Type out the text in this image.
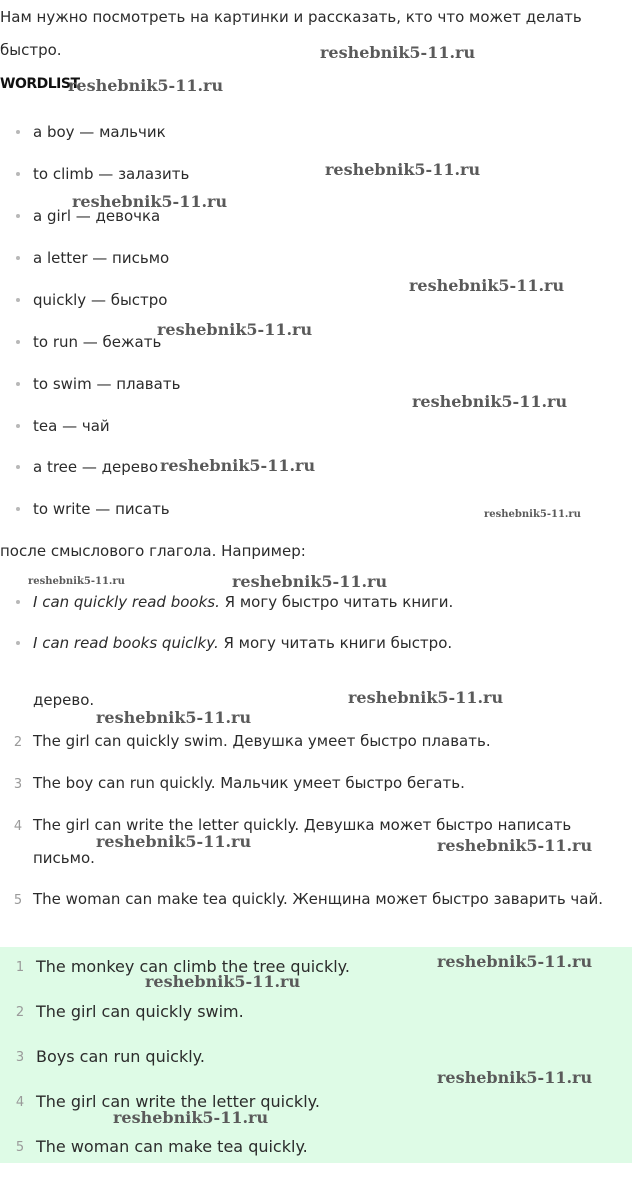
Нам нужно посмотреть на картинки и рассказать, кто что может делать
быстро.
WORDLIST
a boy — мальчик
to climb — залазить
a girl — девочка
a letter — письмо
quickly — быстро
to run — бежать
to swim — плавать
tea — чай
a tree — дерево
to write — писать
после смыслового глагола. Например:
I can quickly read books. Я могу быстро читать книги.
I can read books quiclky. Я могу читать книги быстро.
дерево.
2 The girl can quickly swim. Девушка умеет быстро плавать.
3 The boy can run quickly. Мальчик умеет быстро бегать.
4 The girl can write the letter quickly. Девушка может быстро написать
письмо.
5 The woman can make tea quickly. Женщина может быстро заварить чай.
1 The monkey can climb the tree quickly.
2 The girl can quickly swim.
3 Boys can run quickly.
4 The girl can write the letter quickly.
5 The woman can make tea quickly.
reshebnik5-11.ru
reshebnik5-11.ru
reshebnik5-11.ru
reshebnik5-11.ru
reshebnik5-11.ru
reshebnik5-11.ru
reshebnik5-11.ru
reshebnik5-11.ru
reshebnik5-11.ru
reshebnik5-11.ru	reshebnik5-11.ru
reshebnik5-11.ru
reshebnik5-11.ru
reshebnik5-11.ru	reshebnik5-11.ru
reshebnik5-11.ru
reshebnik5-11.ru
reshebnik5-11.ru
reshebnik5-11.ru
